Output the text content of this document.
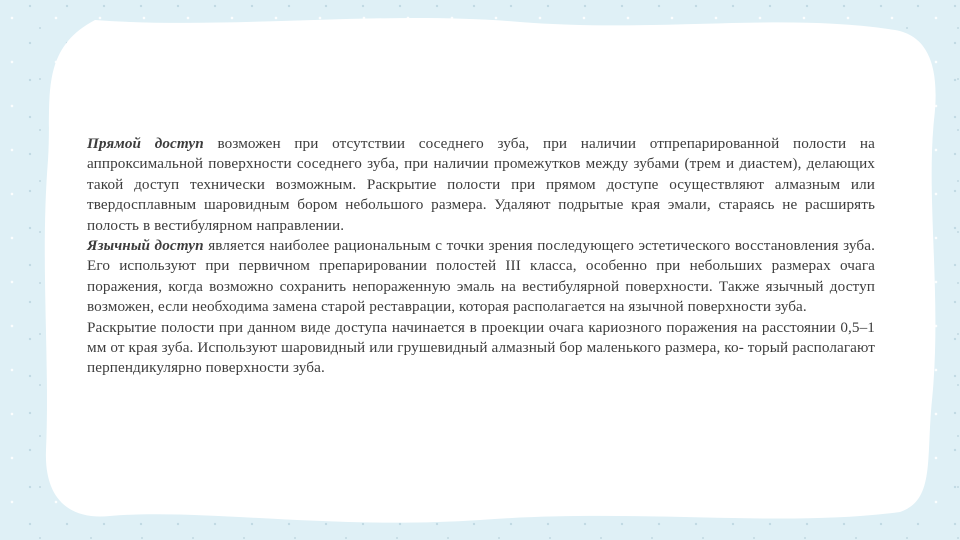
Прямой доступ возможен при отсутствии соседнего зуба, при наличии отпрепарированной полости на аппроксимальной поверхности соседнего зуба, при наличии промежутков между зубами (трем и диастем), делающих такой доступ технически возможным. Раскрытие полости при прямом доступе осуществляют алмазным или твердосплавным шаровидным бором небольшого размера. Удаляют подрытые края эмали, стараясь не расширять полость в вестибулярном направлении.

Язычный доступ является наиболее рациональным с точки зрения последующего эстетического восстановления зуба. Его используют при первичном препарировании полостей III класса, особенно при небольших размерах очага поражения, когда возможно сохранить непораженную эмаль на вестибулярной поверхности. Также язычный доступ возможен, если необходима замена старой реставрации, которая располагается на язычной поверхности зуба.

Раскрытие полости при данном виде доступа начинается в проекции очага кариозного поражения на расстоянии 0,5–1 мм от края зуба. Используют шаровидный или грушевидный алмазный бор маленького размера, ко- торый располагают перпендикулярно поверхности зуба.
